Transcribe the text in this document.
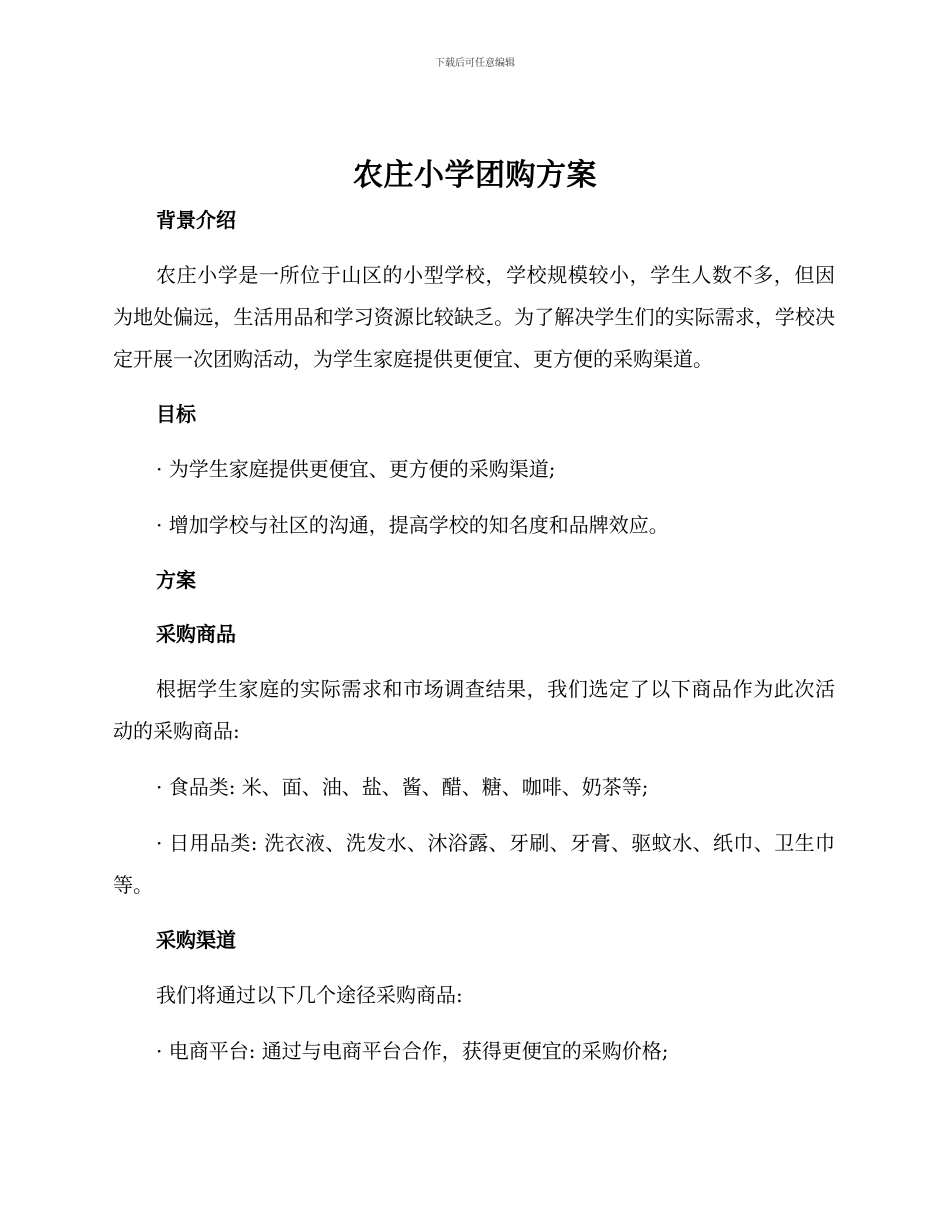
下载后可任意编辑
农庄小学团购方案
背景介绍
农庄小学是一所位于山区的小型学校，学校规模较小，学生人数不多，但因为地处偏远，生活用品和学习资源比较缺乏。为了解决学生们的实际需求，学校决定开展一次团购活动，为学生家庭提供更便宜、更方便的采购渠道。
目标
· 为学生家庭提供更便宜、更方便的采购渠道;
· 增加学校与社区的沟通，提高学校的知名度和品牌效应。
方案
采购商品
根据学生家庭的实际需求和市场调查结果，我们选定了以下商品作为此次活动的采购商品:
· 食品类: 米、面、油、盐、酱、醋、糖、咖啡、奶茶等;
· 日用品类: 洗衣液、洗发水、沐浴露、牙刷、牙膏、驱蚊水、纸巾、卫生巾等。
采购渠道
我们将通过以下几个途径采购商品:
· 电商平台: 通过与电商平台合作，获得更便宜的采购价格;
